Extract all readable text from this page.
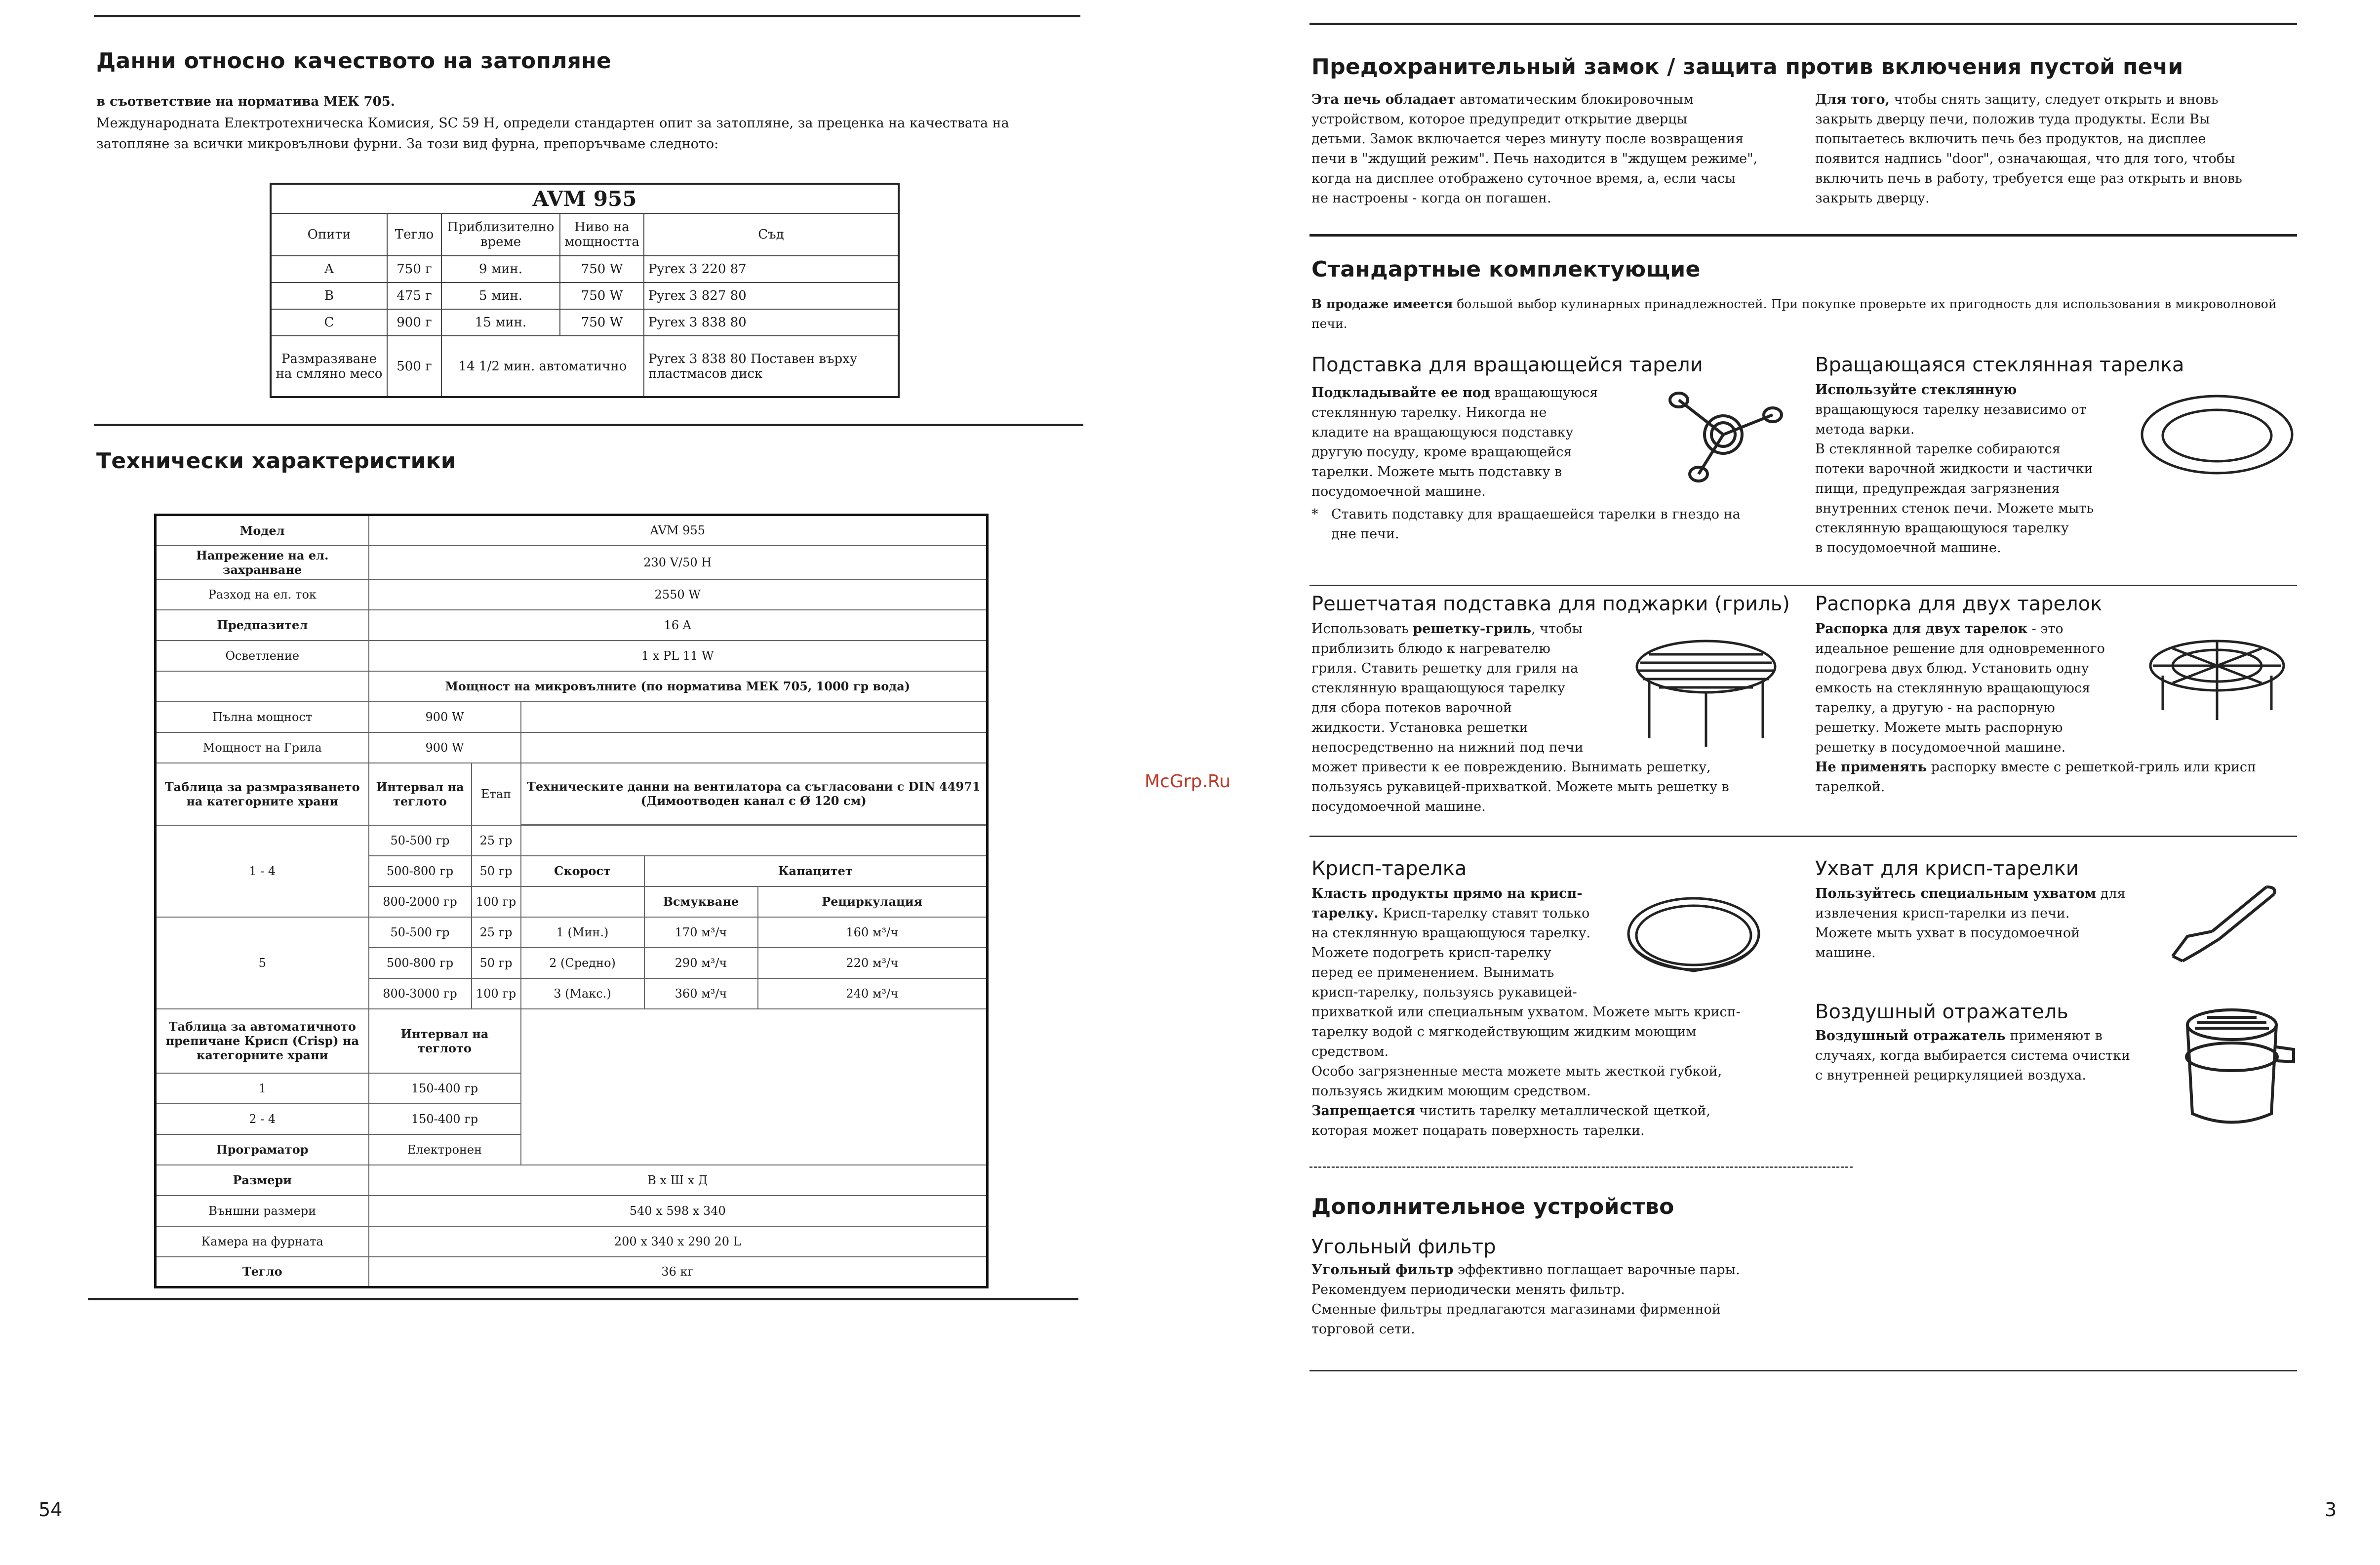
Данни относно качеството на затопляне
в съответствие на нормативa МЕК 705.
Международната Електротехническа Комисия, SC 59 H, определи стандартен опит за затопляне, за преценка на качествата на
затопляне за всички микровълнови фурни. За този вид фурна, препоръчваме следното:
AVM 955				
Опити	Тегло	Приблизително време	Ниво на мощността	Съд
А	750 г	9 мин.	750 W	Pyrex 3 220 87
В	475 г	5 мин.	750 W	Pyrex 3 827 80
С	900 г	15 мин.	750 W	Pyrex 3 838 80
Размразяване на смляно месо	500 г	14 1/2 мин. автоматично		Pyrex 3 838 80 Поставен върху пластмасов диск
Технически характеристики
Модел	AVM 955				
Напрежение на ел. захранване	230 V/50 H				
Разход на ел. ток	2550 W				
Предпазител	16 A				
Осветление	1 x PL 11 W				
	Мощност на микровълните (по норматива МЕК 705, 1000 гр вода)				
Пълна мощност	900 W				
Мощност на Грила	900 W				
Таблица за размразяването на категорните храни	Интервал на теглото	Етап	Техническите данни на вентилатора са съгласовани с DIN 44971 (Димоотводен канал с Ø 120 см)		

1 - 4	50-500 гр	25 гр			
	500-800 гр	50 гр	Скорост	Капацитет	
	800-2000 гр	100 гр		Всмукване	Рециркулация
5	50-500 гр	25 гр	1 (Мин.)	170 м³/ч	160 м³/ч
	500-800 гр	50 гр	2 (Средно)	290 м³/ч	220 м³/ч
	800-3000 гр	100 гр	3 (Макс.)	360 м³/ч	240 м³/ч
Таблица за автоматичното препичане Крисп (Crisp) на категорните храни	Интервал на теглото				
1	150-400 гр				
2 - 4	150-400 гр				
Програматор	Електронен				
Размери	В х Ш х Д				
Външни размери	540 x 598 x 340				
Камера на фурната	200 x 340 x 290 20 L				
Тегло	36 кг				
54
McGrp.Ru
Предохранительный замок / защита против включения пустой печи
Эта печь обладает автоматическим блокировочным
устройством, которое предупредит открытие дверцы
детьми. Замок включается через минуту после возвращения
печи в "ждущий режим". Печь находится в "ждущем режиме",
когда на дисплее отображено суточное время, а, если часы
не настроены - когда он погашен.
Для того, чтобы снять защиту, следует открыть и вновь
закрыть дверцу печи, положив туда продукты. Если Вы
попытаетесь включить печь без продуктов, на дисплее
появится надпись "door", означающая, что для того, чтобы
включить печь в работу, требуется еще раз открыть и вновь
закрыть дверцу.
Стандартные комплектующие
В продаже имеется большой выбор кулинарных принадлежностей. При покупке проверьте их пригодность для использования в микроволновой
печи.
Подставка для вращающейся тарели
Подкладывайте ее под вращающуюся
стеклянную тарелку. Никогда не
кладите на вращающуюся подставку
другую посуду, кроме вращающейся
тарелки. Можете мыть подставку в
посудомоечной машине.
* Ставить подставку для вращаешейся тарелки в гнездо на
дне печи.
Вращающаяся стеклянная тарелка
Используйте стеклянную
вращающуюся тарелку независимо от
метода варки.
В стеклянной тарелке собираются
потеки варочной жидкости и частички
пищи, предупреждая загрязнения
внутренних стенок печи. Можете мыть
стеклянную вращающуюся тарелку
в посудомоечной машине.
Решетчатая подставка для поджарки (гриль)
Использовать решетку-гриль, чтобы
приблизить блюдо к нагревателю
гриля. Ставить решетку для гриля на
стеклянную вращающуюся тарелку
для сбора потеков варочной
жидкости. Установка решетки
непосредственно на нижний под печи
может привести к ее повреждению. Вынимать решетку,
пользуясь рукавицей-прихваткой. Можете мыть решетку в
посудомоечной машине.
Распорка для двух тарелок
Распорка для двух тарелок - это
идеальное решение для одновременного
подогрева двух блюд. Установить одну
емкость на стеклянную вращающуюся
тарелку, а другую - на распорную
решетку. Можете мыть распорную
решетку в посудомоечной машине.
Не применять распорку вместе с решеткой-гриль или крисп
тарелкой.
Крисп-тарелка
Класть продукты прямо на крисп-
тарелку. Крисп-тарелку ставят только
на стеклянную вращающуюся тарелку.
Можете подогреть крисп-тарелку
перед ее применением. Вынимать
крисп-тарелку, пользуясь рукавицей-
прихваткой или специальным ухватом. Можете мыть крисп-
тарелку водой с мягкодействующим жидким моющим
средством.
Особо загрязненные места можете мыть жесткой губкой,
пользуясь жидким моющим средством.
Запрещается чистить тарелку металлической щеткой,
которая может поцарать поверхность тарелки.
Ухват для крисп-тарелки
Пользуйтесь специальным ухватом для
извлечения крисп-тарелки из печи.
Можете мыть ухват в посудомоечной
машине.
Воздушный отражатель
Воздушный отражатель применяют в
случаях, когда выбирается система очистки
с внутренней рециркуляцией воздуха.
Дополнительное устройство
Угольный фильтр
Угольный фильтр эффективно поглащает варочные пары.
Рекомендуем периодически менять фильтр.
Сменные фильтры предлагаются магазинами фирменной
торговой сети.
3
